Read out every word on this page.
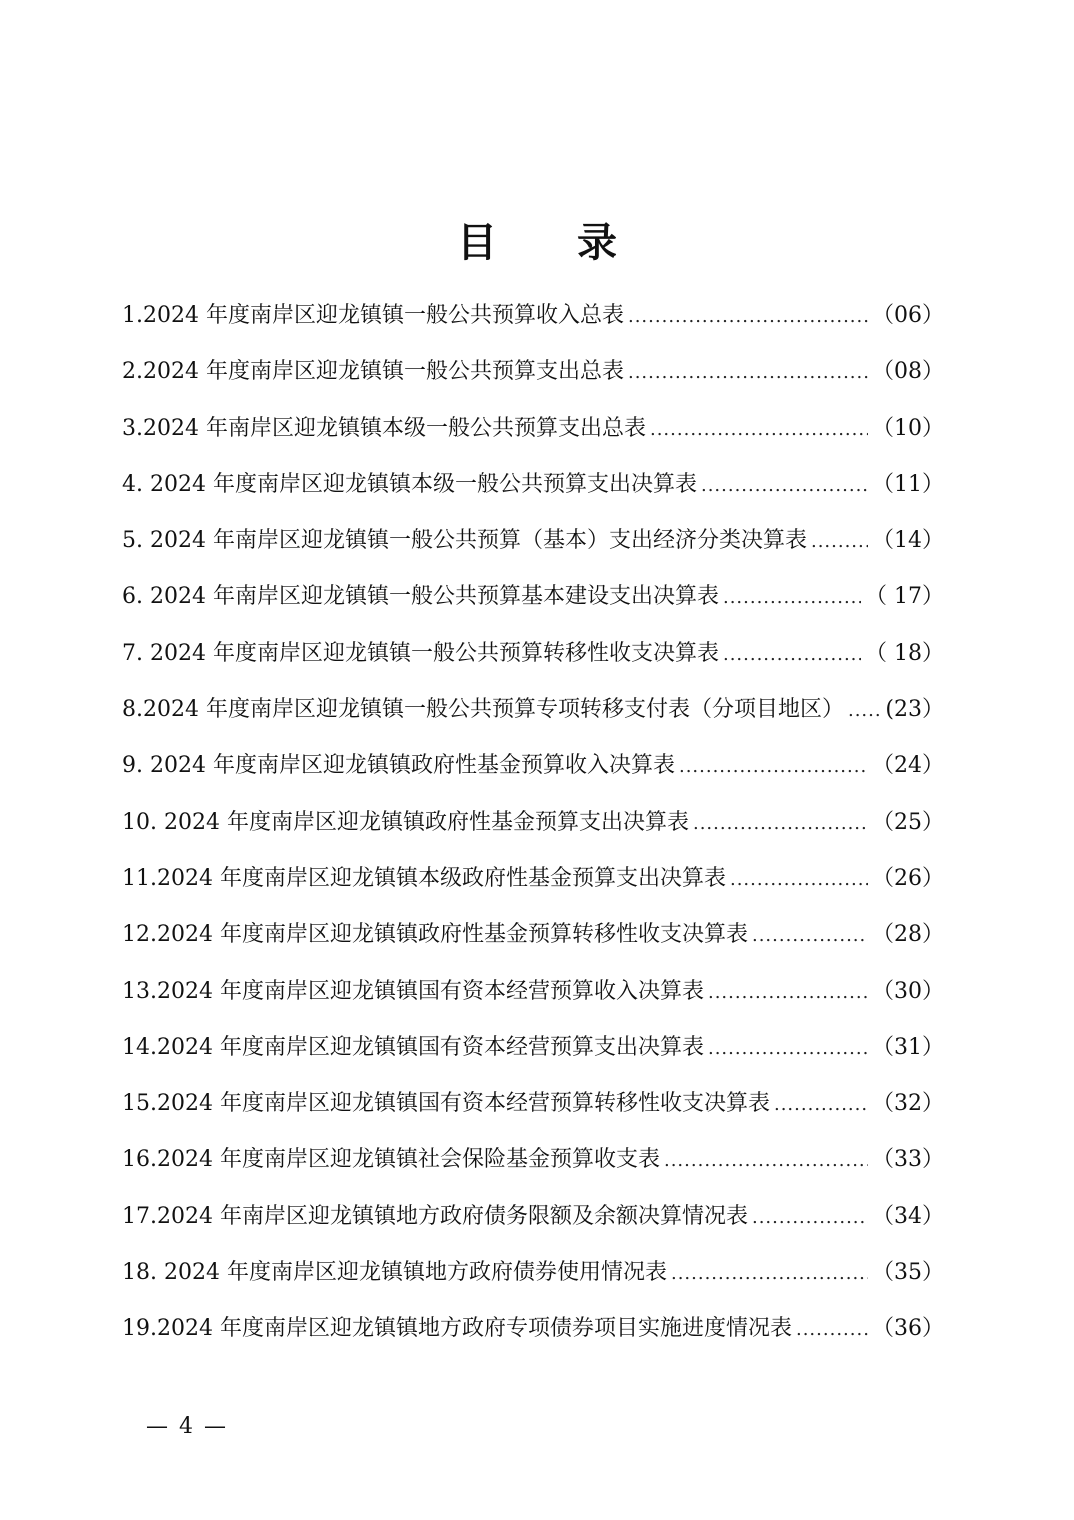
目　　录
1.2024 年度南岸区迎龙镇镇一般公共预算收入总表 .....	（06）
2.2024 年度南岸区迎龙镇镇一般公共预算支出总表 .....	（08）
3.2024 年南岸区迎龙镇镇本级一般公共预算支出总表 .....	（10）
4. 2024 年度南岸区迎龙镇镇本级一般公共预算支出决算表 .....	（11）
5. 2024 年南岸区迎龙镇镇一般公共预算（基本）支出经济分类决算表 .....	（14）
6. 2024 年南岸区迎龙镇镇一般公共预算基本建设支出决算表 .....	（ 17）
7. 2024 年度南岸区迎龙镇镇一般公共预算转移性收支决算表 .....	（ 18）
8.2024 年度南岸区迎龙镇镇一般公共预算专项转移支付表（分项目地区） ..... (23）
9. 2024 年度南岸区迎龙镇镇政府性基金预算收入决算表 .....	（24）
10. 2024 年度南岸区迎龙镇镇政府性基金预算支出决算表 .....	（25）
11.2024 年度南岸区迎龙镇镇本级政府性基金预算支出决算表 .....	（26）
12.2024 年度南岸区迎龙镇镇政府性基金预算转移性收支决算表 .....	（28）
13.2024 年度南岸区迎龙镇镇国有资本经营预算收入决算表 .....	（30）
14.2024 年度南岸区迎龙镇镇国有资本经营预算支出决算表 .....	（31）
15.2024 年度南岸区迎龙镇镇国有资本经营预算转移性收支决算表 .....	（32）
16.2024 年度南岸区迎龙镇镇社会保险基金预算收支表 .....	（33）
17.2024 年南岸区迎龙镇镇地方政府债务限额及余额决算情况表 .....	（34）
18. 2024 年度南岸区迎龙镇镇地方政府债券使用情况表 .....	（35）
19.2024 年度南岸区迎龙镇镇地方政府专项债券项目实施进度情况表 .....	（36）
— 4 —
